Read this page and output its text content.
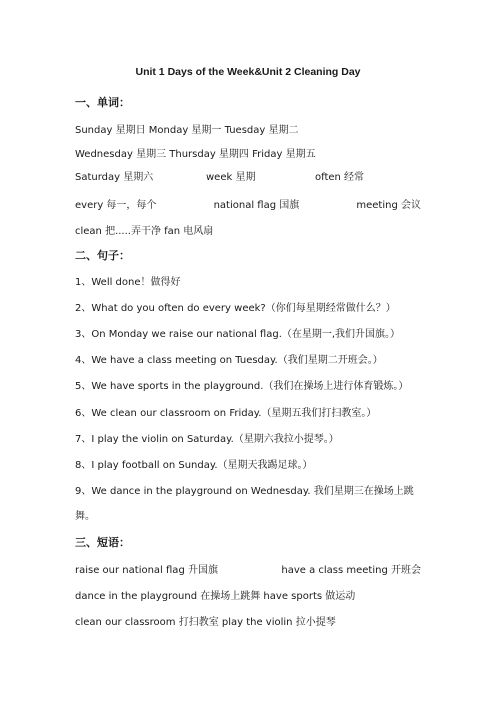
Unit 1 Days of the Week&Unit 2 Cleaning Day
一、单词：
Sunday 星期日 Monday 星期一 Tuesday 星期二
Wednesday 星期三 Thursday 星期四 Friday 星期五
Saturday 星期六	week 星期	often 经常
every 每一，每个	national flag 国旗	meeting 会议
clean 把.....弄干净 fan 电风扇
二、句子：
1、Well done！做得好
2、What do you often do every week?（你们每星期经常做什么？）
3、On Monday we raise our national flag.（在星期一,我们升国旗。）
4、We have a class meeting on Tuesday.（我们星期二开班会。）
5、We have sports in the playground.（我们在操场上进行体育锻炼。）
6、We clean our classroom on Friday.（星期五我们打扫教室。）
7、I play the violin on Saturday.（星期六我拉小提琴。）
8、I play football on Sunday.（星期天我踢足球。）
9、We dance in the playground on Wednesday. 我们星期三在操场上跳
舞。
三、短语：
raise our national flag 升国旗	have a class meeting 开班会
dance in the playground 在操场上跳舞 have sports 做运动
clean our classroom 打扫教室 play the violin 拉小提琴
